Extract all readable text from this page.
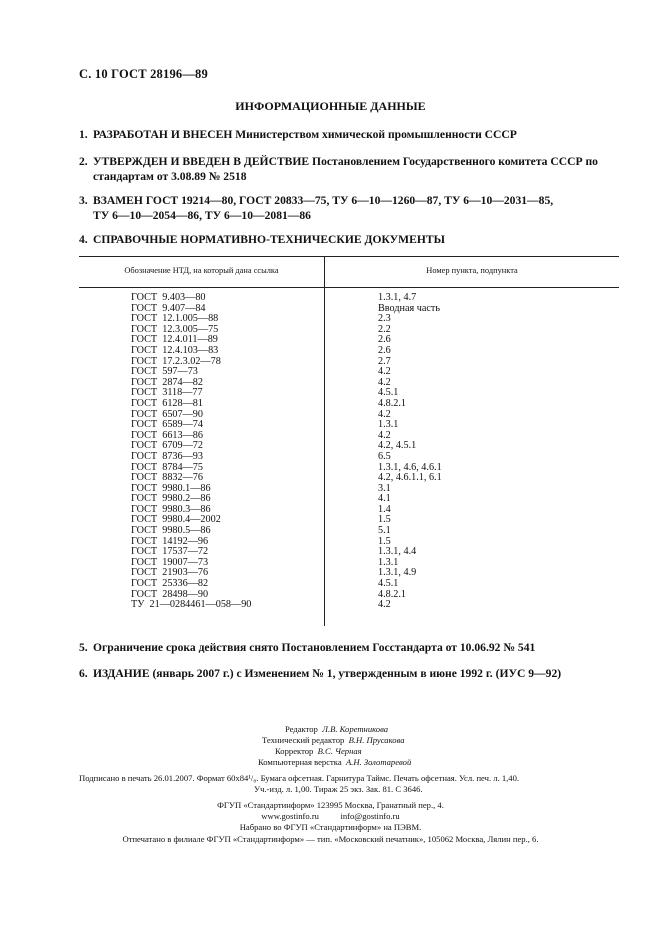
С. 10 ГОСТ 28196—89
ИНФОРМАЦИОННЫЕ ДАННЫЕ
1. РАЗРАБОТАН И ВНЕСЕН Министерством химической промышленности СССР
2. УТВЕРЖДЕН И ВВЕДЕН В ДЕЙСТВИЕ Постановлением Государственного комитета СССР по
стандартам от 3.08.89 № 2518
3. ВЗАМЕН ГОСТ 19214—80, ГОСТ 20833—75, ТУ 6—10—1260—87, ТУ 6—10—2031—85,
ТУ 6—10—2054—86, ТУ 6—10—2081—86
4. СПРАВОЧНЫЕ НОРМАТИВНО-ТЕХНИЧЕСКИЕ ДОКУМЕНТЫ
Обозначение НТД, на который дана ссылка	Номер пункта, подпункта
ГОСТ  9.403—80	1.3.1, 4.7
ГОСТ  9.407—84	Вводная часть
ГОСТ  12.1.005—88	2.3
ГОСТ  12.3.005—75	2.2
ГОСТ  12.4.011—89	2.6
ГОСТ  12.4.103—83	2.6
ГОСТ  17.2.3.02—78	2.7
ГОСТ  597—73	4.2
ГОСТ  2874—82	4.2
ГОСТ  3118—77	4.5.1
ГОСТ  6128—81	4.8.2.1
ГОСТ  6507—90	4.2
ГОСТ  6589—74	1.3.1
ГОСТ  6613—86	4.2
ГОСТ  6709—72	4.2, 4.5.1
ГОСТ  8736—93	6.5
ГОСТ  8784—75	1.3.1, 4.6, 4.6.1
ГОСТ  8832—76	4.2, 4.6.1.1, 6.1
ГОСТ  9980.1—86	3.1
ГОСТ  9980.2—86	4.1
ГОСТ  9980.3—86	1.4
ГОСТ  9980.4—2002	1.5
ГОСТ  9980.5—86	5.1
ГОСТ  14192—96	1.5
ГОСТ  17537—72	1.3.1, 4.4
ГОСТ  19007—73	1.3.1
ГОСТ  21903—76	1.3.1, 4.9
ГОСТ  25336—82	4.5.1
ГОСТ  28498—90	4.8.2.1
ТУ  21—0284461—058—90	4.2
5. Ограничение срока действия снято Постановлением Госстандарта от 10.06.92 № 541
6. ИЗДАНИЕ (январь 2007 г.) с Изменением № 1, утвержденным в июне 1992 г. (ИУС 9—92)
Редактор Л.В. Коретникова
Технический редактор В.Н. Прусакова
Корректор В.С. Черная
Компьютерная верстка А.Н. Золотаревой
Подписано в печать 26.01.2007. Формат 60х84¹/₈. Бумага офсетная. Гарнитура Таймс. Печать офсетная. Усл. печ. л. 1,40.
Уч.-изд. л. 1,00. Тираж 25 экз. Зак. 81. С 3646.
ФГУП «Стандартинформ» 123995 Москва, Гранатный пер., 4.
www.gostinfo.ru info@gostinfo.ru
Набрано во ФГУП «Стандартинформ» на ПЭВМ.
Отпечатано в филиале ФГУП «Стандартинформ» — тип. «Московский печатник», 105062 Москва, Лялин пер., 6.
